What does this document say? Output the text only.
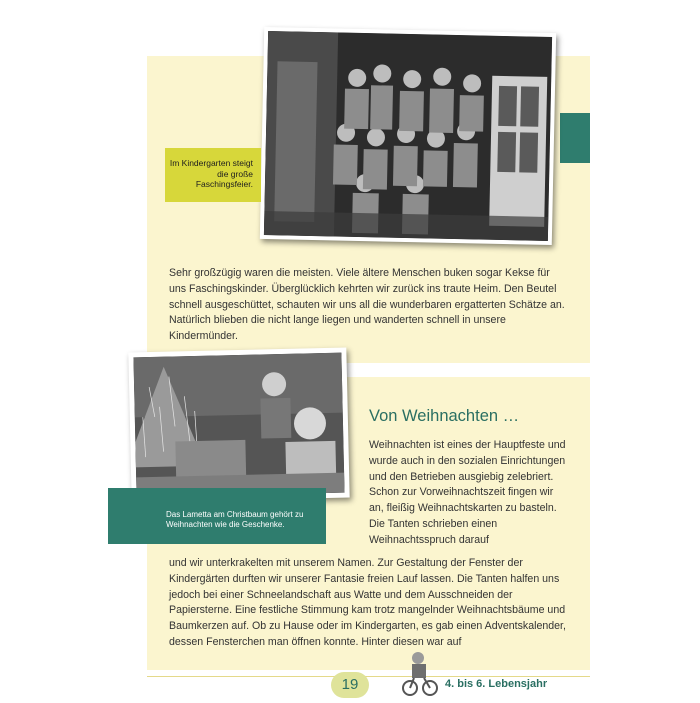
Im Kindergarten steigt die große Faschingsfeier.

Sehr großzügig waren die meisten. Viele ältere Menschen buken sogar Kekse für uns Faschingskinder. Überglücklich kehrten wir zurück ins traute Heim. Den Beutel schnell ausgeschüttet, schauten wir uns all die wunderbaren ergatterten Schätze an. Natürlich blieben die nicht lange liegen und wanderten schnell in unsere Kindermünder.

Das Lametta am Christbaum gehört zu Weihnachten wie die Geschenke.
Von Weihnachten …

Weihnachten ist eines der Hauptfeste und wurde auch in den sozialen Einrichtungen und den Betrieben ausgiebig zelebriert. Schon zur Vorweihnachtszeit fingen wir an, fleißig Weihnachtskarten zu basteln. Die Tanten schrieben einen Weihnachtsspruch darauf

und wir unterkrakelten mit unserem Namen. Zur Gestaltung der Fenster der Kindergärten durften wir unserer Fantasie freien Lauf lassen. Die Tanten halfen uns jedoch bei einer Schneelandschaft aus Watte und dem Ausschneiden der Papiersterne. Eine festliche Stimmung kam trotz mangelnder Weihnachtsbäume und Baumkerzen auf. Ob zu Hause oder im Kindergarten, es gab einen Adventskalender, dessen Fensterchen man öffnen konnte. Hinter diesen war auf

19	4. bis 6. Lebensjahr
